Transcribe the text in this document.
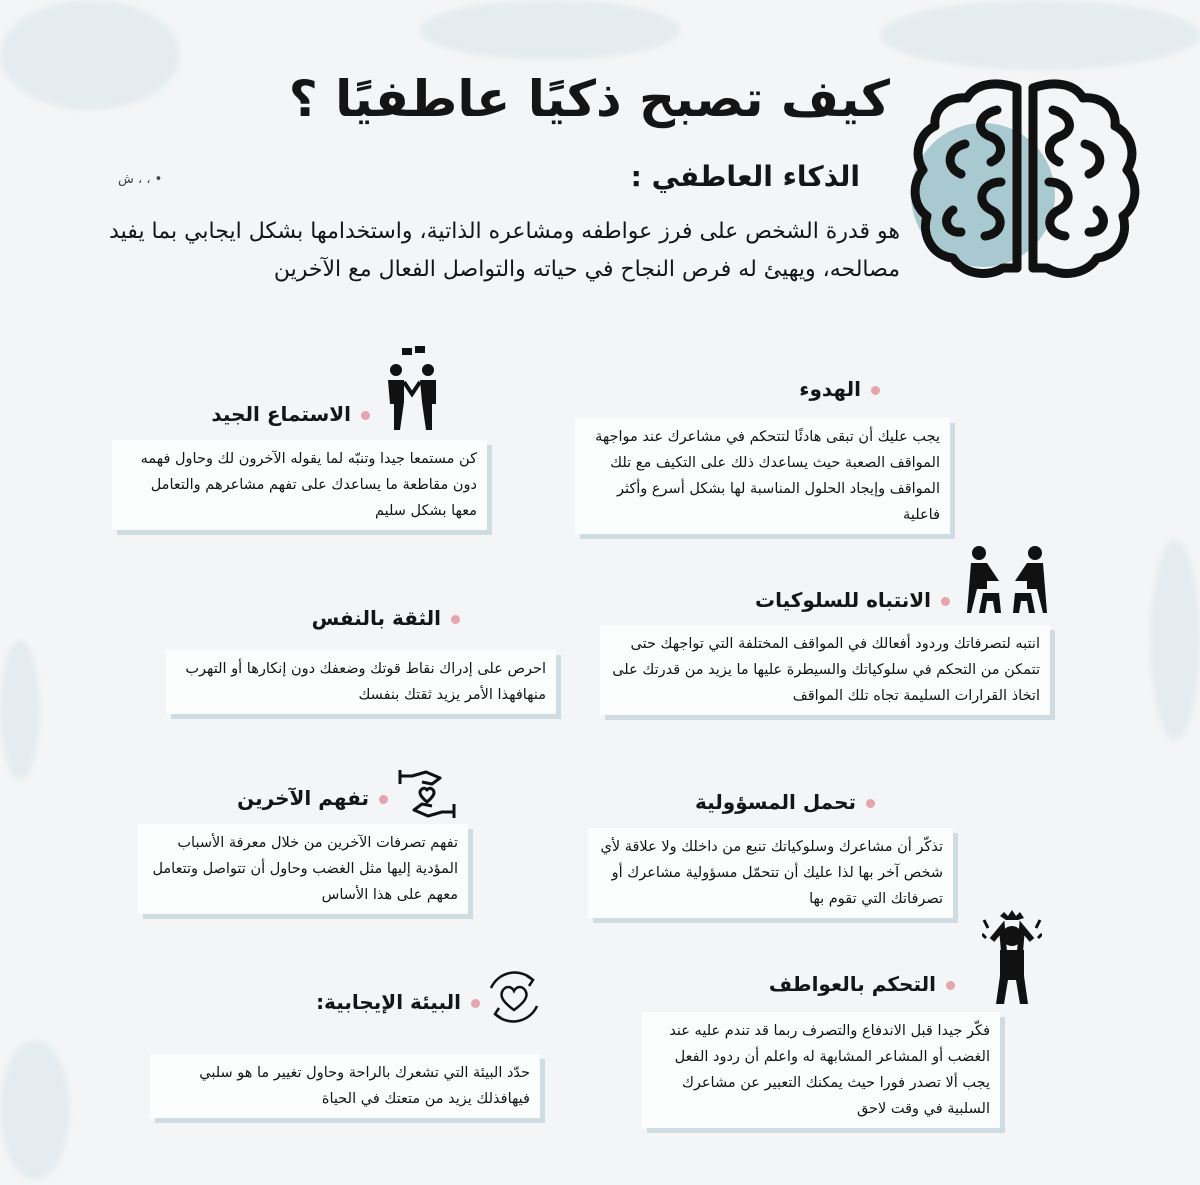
كيف تصبح ذكيًا عاطفيًا ؟
الذكاء العاطفي :
هو قدرة الشخص على فرز عواطفه ومشاعره الذاتية، واستخدامها بشكل ايجابي بما يفيد مصالحه، ويهيئ له فرص النجاح في حياته والتواصل الفعال مع الآخرين
• ، ، ش
الهدوء
يجب عليك أن تبقى هادئًا لتتحكم في مشاعرك عند مواجهة المواقف الصعبة حيث يساعدك ذلك على التكيف مع تلك المواقف وإيجاد الحلول المناسبة لها بشكل أسرع وأكثر فاعلية
الاستماع الجيد
كن مستمعا جيدا وتنبّه لما يقوله الآخرون لك وحاول فهمه دون مقاطعة ما يساعدك على تفهم مشاعرهم والتعامل معها بشكل سليم
الانتباه للسلوكيات
انتبه لتصرفاتك وردود أفعالك في المواقف المختلفة التي تواجهك حتى تتمكن من التحكم في سلوكياتك والسيطرة عليها ما يزيد من قدرتك على اتخاذ القرارات السليمة تجاه تلك المواقف
الثقة بالنفس
احرص على إدراك نقاط قوتك وضعفك دون إنكارها أو التهرب منهافهذا الأمر يزيد ثقتك بنفسك
تحمل المسؤولية
تذكّر أن مشاعرك وسلوكياتك تنبع من داخلك ولا علاقة لأي شخص آخر بها لذا عليك أن تتحمّل مسؤولية مشاعرك أو تصرفاتك التي تقوم بها
تفهم الآخرين
تفهم تصرفات الآخرين من خلال معرفة الأسباب المؤدية إليها مثل الغضب وحاول أن تتواصل وتتعامل معهم على هذا الأساس
التحكم بالعواطف
فكّر جيدا قبل الاندفاع والتصرف ربما قد تندم عليه عند الغضب أو المشاعر المشابهة له واعلم أن ردود الفعل يجب ألا تصدر فورا حيث يمكنك التعبير عن مشاعرك السلبية في وقت لاحق
البيئة الإيجابية:
حدّد البيئة التي تشعرك بالراحة وحاول تغيير ما هو سلبي فيهافذلك يزيد من متعتك في الحياة
